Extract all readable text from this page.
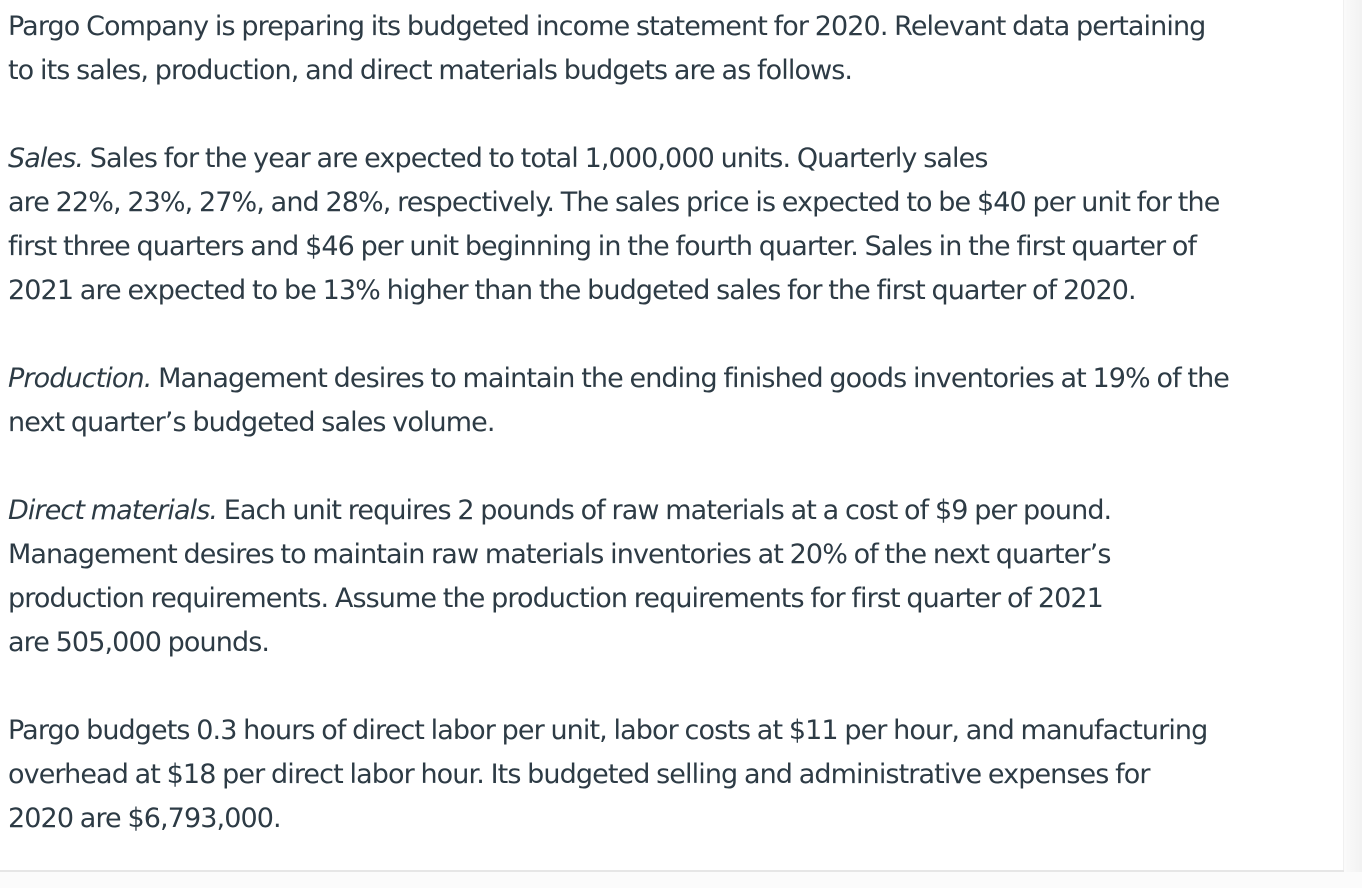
Pargo Company is preparing its budgeted income statement for 2020. Relevant data pertaining
to its sales, production, and direct materials budgets are as follows.

Sales. Sales for the year are expected to total 1,000,000 units. Quarterly sales
are 22%, 23%, 27%, and 28%, respectively. The sales price is expected to be $40 per unit for the
first three quarters and $46 per unit beginning in the fourth quarter. Sales in the first quarter of
2021 are expected to be 13% higher than the budgeted sales for the first quarter of 2020.

Production. Management desires to maintain the ending finished goods inventories at 19% of the
next quarter’s budgeted sales volume.

Direct materials. Each unit requires 2 pounds of raw materials at a cost of $9 per pound.
Management desires to maintain raw materials inventories at 20% of the next quarter’s
production requirements. Assume the production requirements for first quarter of 2021
are 505,000 pounds.

Pargo budgets 0.3 hours of direct labor per unit, labor costs at $11 per hour, and manufacturing
overhead at $18 per direct labor hour. Its budgeted selling and administrative expenses for
2020 are $6,793,000.
